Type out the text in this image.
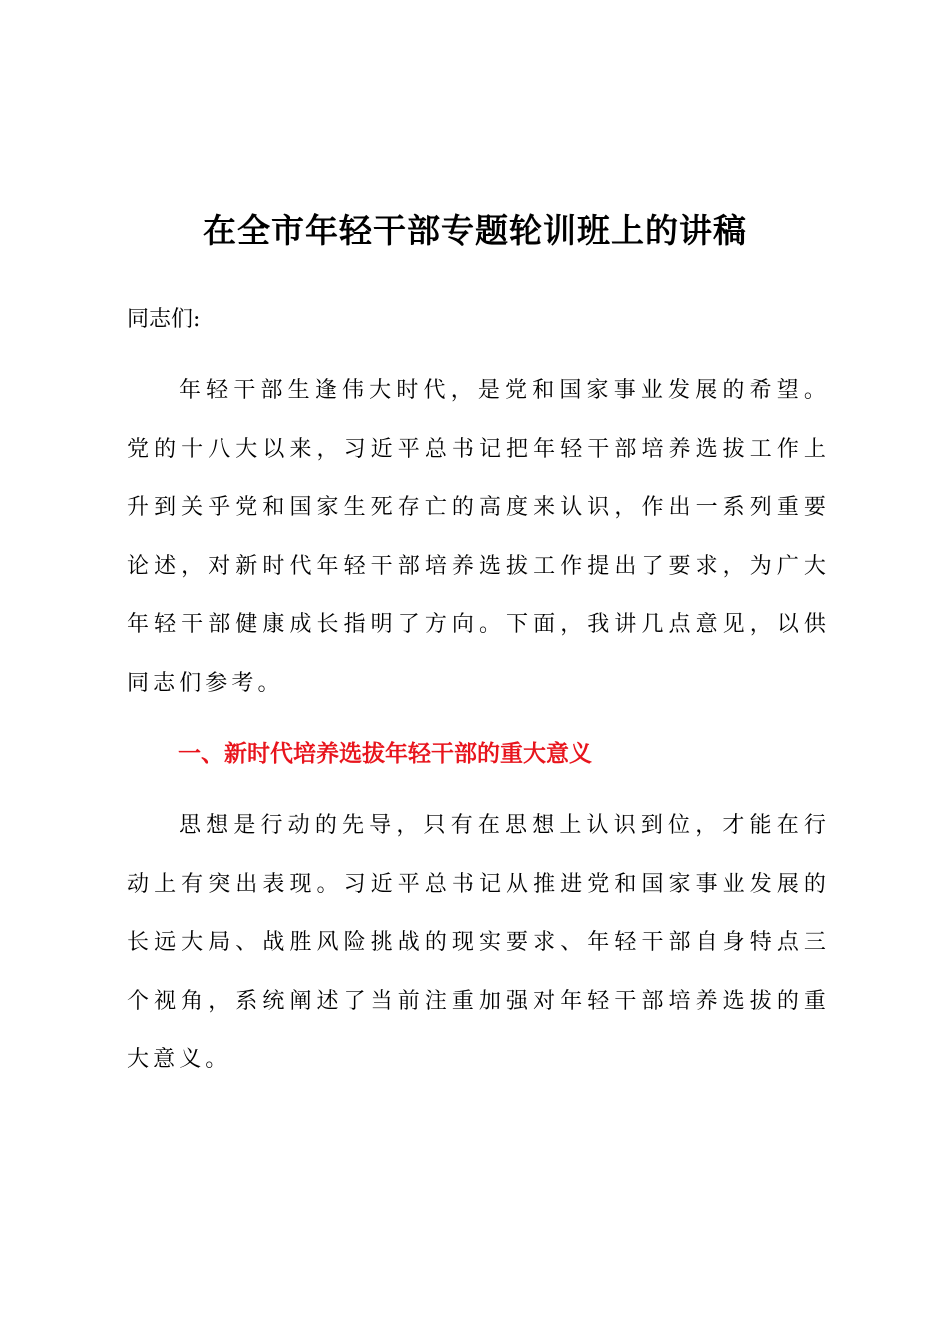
在全市年轻干部专题轮训班上的讲稿

同志们:

年轻干部生逢伟大时代，是党和国家事业发展的希望。党的十八大以来，习近平总书记把年轻干部培养选拔工作上升到关乎党和国家生死存亡的高度来认识，作出一系列重要论述，对新时代年轻干部培养选拔工作提出了要求，为广大年轻干部健康成长指明了方向。下面，我讲几点意见，以供同志们参考。

一、新时代培养选拔年轻干部的重大意义

思想是行动的先导，只有在思想上认识到位，才能在行动上有突出表现。习近平总书记从推进党和国家事业发展的长远大局、战胜风险挑战的现实要求、年轻干部自身特点三个视角，系统阐述了当前注重加强对年轻干部培养选拔的重大意义。
